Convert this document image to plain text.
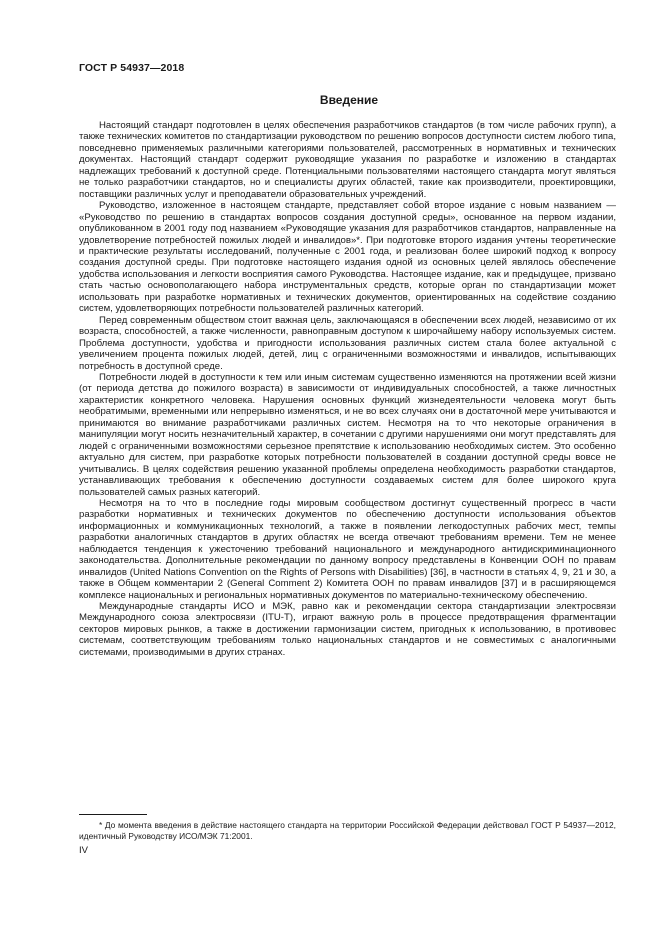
ГОСТ Р 54937—2018
Введение

Настоящий стандарт подготовлен в целях обеспечения разработчиков стандартов (в том числе рабочих групп), а также технических комитетов по стандартизации руководством по решению вопросов доступности систем любого типа, повседневно применяемых различными категориями пользователей, рассмотренных в нормативных и технических документах. Настоящий стандарт содержит руководящие указания по разработке и изложению в стандартах надлежащих требований к доступной среде. Потенциальными пользователями настоящего стандарта могут являться не только разработчики стандартов, но и специалисты других областей, такие как производители, проектировщики, поставщики различных услуг и преподаватели образовательных учреждений.

Руководство, изложенное в настоящем стандарте, представляет собой второе издание с новым названием — «Руководство по решению в стандартах вопросов создания доступной среды», основанное на первом издании, опубликованном в 2001 году под названием «Руководящие указания для разработчиков стандартов, направленные на удовлетворение потребностей пожилых людей и инвалидов»*. При подготовке второго издания учтены теоретические и практические результаты исследований, полученные с 2001 года, и реализован более широкий подход к вопросу создания доступной среды. При подготовке настоящего издания одной из основных целей являлось обеспечение удобства использования и легкости восприятия самого Руководства. Настоящее издание, как и предыдущее, призвано стать частью основополагающего набора инструментальных средств, которые орган по стандартизации может использовать при разработке нормативных и технических документов, ориентированных на содействие созданию систем, удовлетворяющих потребности пользователей различных категорий.

Перед современным обществом стоит важная цель, заключающаяся в обеспечении всех людей, независимо от их возраста, способностей, а также численности, равноправным доступом к широчайшему набору используемых систем. Проблема доступности, удобства и пригодности использования различных систем стала более актуальной с увеличением процента пожилых людей, детей, лиц с ограниченными возможностями и инвалидов, испытывающих потребность в доступной среде.

Потребности людей в доступности к тем или иным системам существенно изменяются на протяжении всей жизни (от периода детства до пожилого возраста) в зависимости от индивидуальных способностей, а также личностных характеристик конкретного человека. Нарушения основных функций жизнедеятельности человека могут быть необратимыми, временными или непрерывно изменяться, и не во всех случаях они в достаточной мере учитываются и принимаются во внимание разработчиками различных систем. Несмотря на то что некоторые ограничения в манипуляции могут носить незначительный характер, в сочетании с другими нарушениями они могут представлять для людей с ограниченными возможностями серьезное препятствие к использованию необходимых систем. Это особенно актуально для систем, при разработке которых потребности пользователей в создании доступной среды вовсе не учитывались. В целях содействия решению указанной проблемы определена необходимость разработки стандартов, устанавливающих требования к обеспечению доступности создаваемых систем для более широкого круга пользователей самых разных категорий.

Несмотря на то что в последние годы мировым сообществом достигнут существенный прогресс в части разработки нормативных и технических документов по обеспечению доступности использования объектов информационных и коммуникационных технологий, а также в появлении легкодоступных рабочих мест, темпы разработки аналогичных стандартов в других областях не всегда отвечают требованиям времени. Тем не менее наблюдается тенденция к ужесточению требований национального и международного антидискриминационного законодательства. Дополнительные рекомендации по данному вопросу представлены в Конвенции ООН по правам инвалидов (United Nations Convention on the Rights of Persons with Disabilities) [36], в частности в статьях 4, 9, 21 и 30, а также в Общем комментарии 2 (General Comment 2) Комитета ООН по правам инвалидов [37] и в расширяющемся комплексе национальных и региональных нормативных документов по материально-техническому обеспечению.

Международные стандарты ИСО и МЭК, равно как и рекомендации сектора стандартизации электросвязи Международного союза электросвязи (ITU-T), играют важную роль в процессе предотвращения фрагментации секторов мировых рынков, а также в достижении гармонизации систем, пригодных к использованию, в противовес системам, соответствующим требованиям только национальных стандартов и не совместимых с аналогичными системами, производимыми в других странах.

* До момента введения в действие настоящего стандарта на территории Российской Федерации действовал ГОСТ Р 54937—2012, идентичный Руководству ИСО/МЭК 71:2001.

IV
